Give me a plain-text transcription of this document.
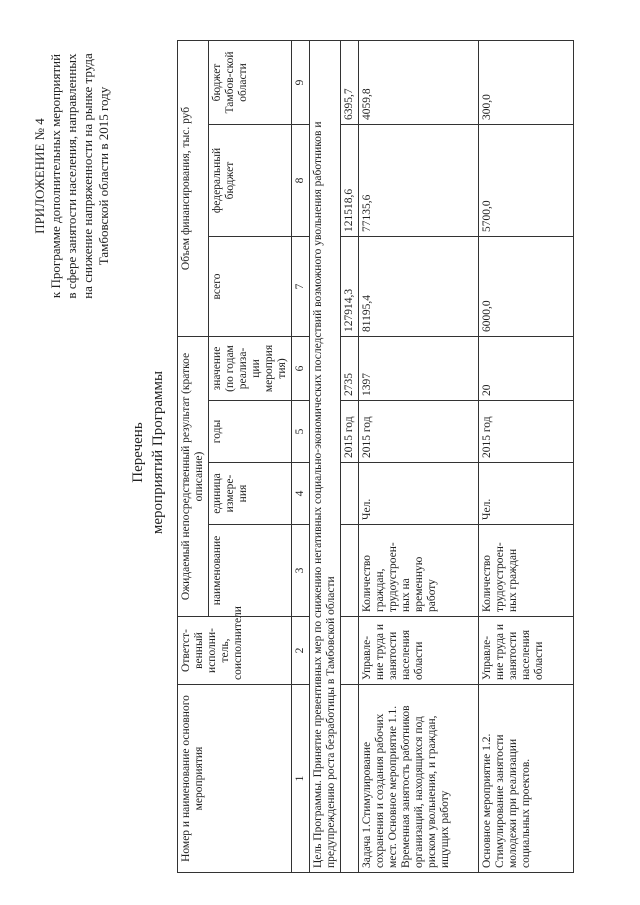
ПРИЛОЖЕНИЕ № 4 к Программе дополнительных мероприятий в сфере занятости населения, направленных на снижение напряженности на рынке труда Тамбовской области в 2015 году
Перечень мероприятий Программы
Номер и наименование основного мероприятия	Ответст-венный исполни-тель, соисполнители	Ожидаемый непосредственный результат (краткое описание)				Объем финансирования, тыс. руб		
		наименование	единица измере-ния	годы	значение (по годам реализа-ции мероприя тия)	всего	федеральный бюджет	бюджет Тамбов-ской области
1	2	3	4	5	6	7	8	9
Цель Программы. Принятие превентивных мер по снижению негативных социально-экономических последствий возможного увольнения работников и предупреждению роста безработицы в Тамбовской области								
				2015 год	2735	127914,3	121518,6	6395,7
Задача 1.Стимулирование сохранения и создания рабочих мест. Основное мероприятие 1.1. Временная занятость работников организаций, находящихся под риском увольнения, и граждан, ищущих работу	Управле-ние труда и занятости населения области	Количество граждан, трудоустроен-ных на временную работу	Чел.	2015 год	1397	81195,4	77135,6	4059,8
Основное мероприятие 1.2. Стимулирование занятости молодежи при реализации социальных проектов.	Управле-ние труда и занятости населения области	Количество трудоустроен-ных граждан	Чел.	2015 год	20	6000,0	5700,0	300,0
